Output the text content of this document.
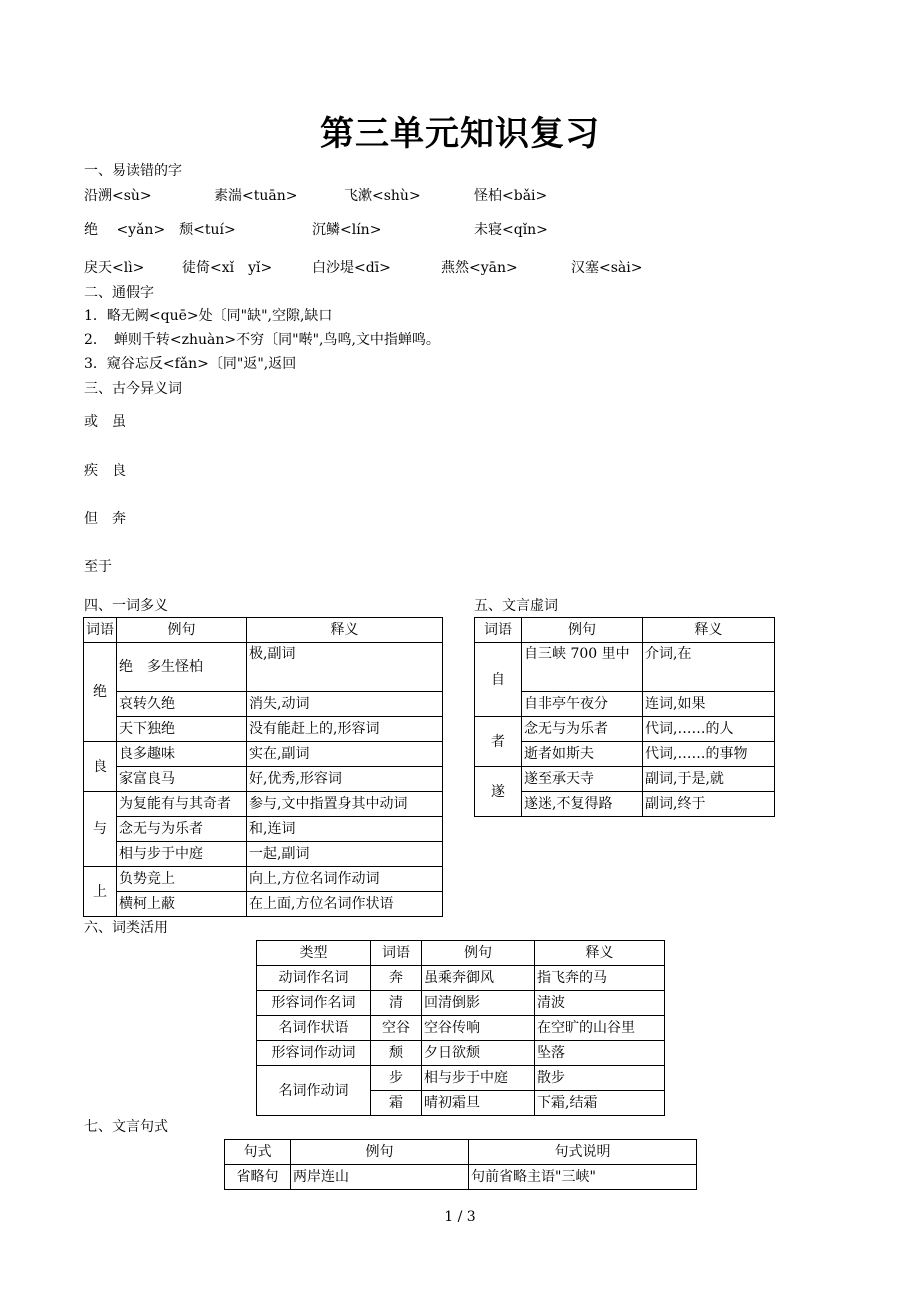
第三单元知识复习
一、易读错的字
沿溯<sù>	素湍<tuān>	飞漱<shù>	怪柏<bǎi>
绝　 <yǎn>　颓<tuí>	沉鳞<lín>	未寝<qǐn>
戾天<lì>	徒倚<xǐ　yǐ>	白沙堤<dī>	燕然<yān>	汉塞<sài>
二、通假字
1．略无阙<quē>处〔同"缺",空隙,缺口
2．　蝉则千转<zhuàn>不穷〔同"啭",鸟鸣,文中指蝉鸣。
3．窥谷忘反<fǎn>〔同"返",返回
三、古今异义词
或　虽
疾　良
但　奔
至于
四、一词多义
词语	例句	释义
绝	绝　多生怪柏	极,副词
	哀转久绝	消失,动词
	天下独绝	没有能赶上的,形容词
良	良多趣味	实在,副词
	家富良马	好,优秀,形容词
与	为复能有与其奇者	参与,文中指置身其中动词
	念无与为乐者	和,连词
	相与步于中庭	一起,副词
上	负势竞上	向上,方位名词作动词
	横柯上蔽	在上面,方位名词作状语
五、文言虚词
词语	例句	释义
自	自三峡 700 里中	介词,在
	自非亭午夜分	连词,如果
者	念无与为乐者	代词,……的人
	逝者如斯夫	代词,……的事物
遂	遂至承天寺	副词,于是,就
	遂迷,不复得路	副词,终于
六、词类活用
类型	词语	例句	释义
动词作名词	奔	虽乘奔御风	指飞奔的马
形容词作名词	清	回清倒影	清波
名词作状语	空谷	空谷传响	在空旷的山谷里
形容词作动词	颓	夕日欲颓	坠落
名词作动词	步	相与步于中庭	散步
	霜	晴初霜旦	下霜,结霜
七、文言句式
句式	例句	句式说明
省略句	两岸连山	句前省略主语"三峡"
1 / 3
